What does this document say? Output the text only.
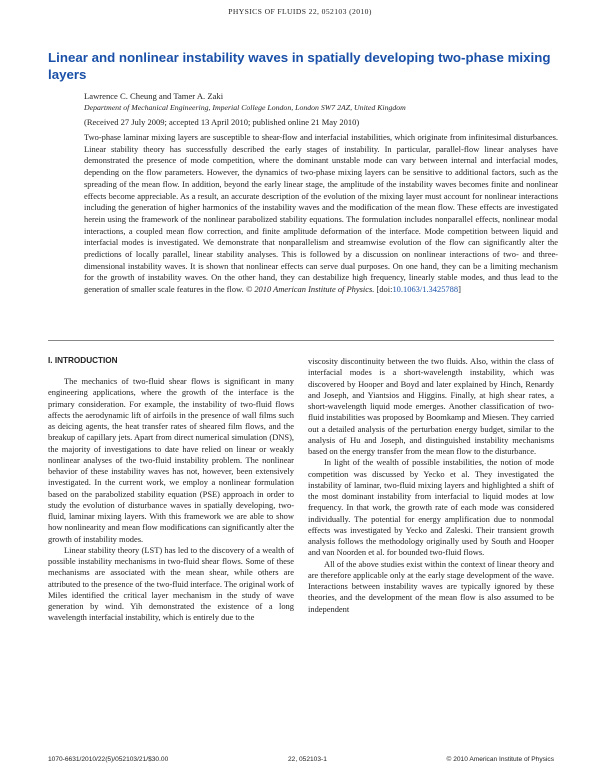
PHYSICS OF FLUIDS 22, 052103 (2010)
Linear and nonlinear instability waves in spatially developing two-phase mixing layers
Lawrence C. Cheung and Tamer A. Zaki
Department of Mechanical Engineering, Imperial College London, London SW7 2AZ, United Kingdom
(Received 27 July 2009; accepted 13 April 2010; published online 21 May 2010)
Two-phase laminar mixing layers are susceptible to shear-flow and interfacial instabilities, which originate from infinitesimal disturbances. Linear stability theory has successfully described the early stages of instability. In particular, parallel-flow linear analyses have demonstrated the presence of mode competition, where the dominant unstable mode can vary between internal and interfacial modes, depending on the flow parameters. However, the dynamics of two-phase mixing layers can be sensitive to additional factors, such as the spreading of the mean flow. In addition, beyond the early linear stage, the amplitude of the instability waves becomes finite and nonlinear effects become appreciable. As a result, an accurate description of the evolution of the mixing layer must account for nonlinear interactions including the generation of higher harmonics of the instability waves and the modification of the mean flow. These effects are investigated herein using the framework of the nonlinear parabolized stability equations. The formulation includes nonparallel effects, nonlinear modal interactions, a coupled mean flow correction, and finite amplitude deformation of the interface. Mode competition between liquid and interfacial modes is investigated. We demonstrate that nonparallelism and streamwise evolution of the flow can significantly alter the predictions of locally parallel, linear stability analyses. This is followed by a discussion on nonlinear interactions of two- and three-dimensional instability waves. It is shown that nonlinear effects can serve dual purposes. On one hand, they can be a limiting mechanism for the growth of instability waves. On the other hand, they can destabilize high frequency, linearly stable modes, and thus lead to the generation of smaller scale features in the flow. © 2010 American Institute of Physics. [doi:10.1063/1.3425788]
I. INTRODUCTION

The mechanics of two-fluid shear flows is significant in many engineering applications, where the growth of the interface is the primary consideration. For example, the instability of two-fluid flows affects the aerodynamic lift of airfoils in the presence of wall films such as deicing agents, the heat transfer rates of sheared film flows, and the breakup of capillary jets. Apart from direct numerical simulation (DNS), the majority of investigations to date have relied on linear or weakly nonlinear analyses of the two-fluid instability problem. The nonlinear behavior of these instability waves has not, however, been extensively investigated. In the current work, we employ a nonlinear formulation based on the parabolized stability equation (PSE) approach in order to study the evolution of disturbance waves in spatially developing, two-fluid, laminar mixing layers. With this framework we are able to show how nonlinearity and mean flow modifications can significantly alter the growth of instability modes.

Linear stability theory (LST) has led to the discovery of a wealth of possible instability mechanisms in two-fluid shear flows. Some of these mechanisms are associated with the mean shear, while others are attributed to the presence of the two-fluid interface. The original work of Miles identified the critical layer mechanism in the study of wave generation by wind. Yih demonstrated the existence of a long wavelength interfacial instability, which is entirely due to the

viscosity discontinuity between the two fluids. Also, within the class of interfacial modes is a short-wavelength instability, which was discovered by Hooper and Boyd and later explained by Hinch, Renardy and Joseph, and Yiantsios and Higgins. Finally, at high shear rates, a short-wavelength liquid mode emerges. Another classification of two-fluid instabilities was proposed by Boomkamp and Miesen. They carried out a detailed analysis of the perturbation energy budget, similar to the analysis of Hu and Joseph, and distinguished instability mechanisms based on the energy transfer from the mean flow to the disturbance.

In light of the wealth of possible instabilities, the notion of mode competition was discussed by Yecko et al. They investigated the instability of laminar, two-fluid mixing layers and highlighted a shift of the most dominant instability from interfacial to liquid modes at low frequency. In that work, the growth rate of each mode was considered individually. The potential for energy amplification due to nonmodal effects was investigated by Yecko and Zaleski. Their transient growth analysis follows the methodology originally used by South and Hooper and van Noorden et al. for bounded two-fluid flows.

All of the above studies exist within the context of linear theory and are therefore applicable only at the early stage development of the wave. Interactions between instability waves are typically ignored by these theories, and the development of the mean flow is also assumed to be independent

1070-6631/2010/22(5)/052103/21/$30.00	22, 052103-1	© 2010 American Institute of Physics
